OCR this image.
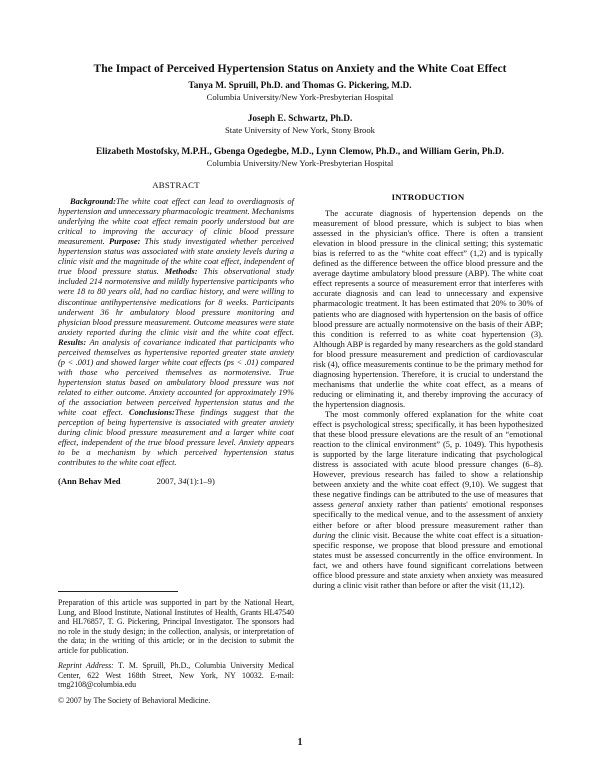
The Impact of Perceived Hypertension Status on Anxiety and the White Coat Effect
Tanya M. Spruill, Ph.D. and Thomas G. Pickering, M.D.
Columbia University/New York-Presbyterian Hospital
Joseph E. Schwartz, Ph.D.
State University of New York, Stony Brook
Elizabeth Mostofsky, M.P.H., Gbenga Ogedegbe, M.D., Lynn Clemow, Ph.D., and William Gerin, Ph.D.
Columbia University/New York-Presbyterian Hospital
ABSTRACT

Background:The white coat effect can lead to overdiagnosis of hypertension and unnecessary pharmacologic treatment. Mechanisms underlying the white coat effect remain poorly understood but are critical to improving the accuracy of clinic blood pressure measurement. Purpose: This study investigated whether perceived hypertension status was associated with state anxiety levels during a clinic visit and the magnitude of the white coat effect, independent of true blood pressure status. Methods: This observational study included 214 normotensive and mildly hypertensive participants who were 18 to 80 years old, had no cardiac history, and were willing to discontinue antihypertensive medications for 8 weeks. Participants underwent 36 hr ambulatory blood pressure monitoring and physician blood pressure measurement. Outcome measures were state anxiety reported during the clinic visit and the white coat effect. Results: An analysis of covariance indicated that participants who perceived themselves as hypertensive reported greater state anxiety (p < .001) and showed larger white coat effects (ps < .01) compared with those who perceived themselves as normotensive. True hypertension status based on ambulatory blood pressure was not related to either outcome. Anxiety accounted for approximately 19% of the association between perceived hypertension status and the white coat effect. Conclusions:These findings suggest that the perception of being hypertensive is associated with greater anxiety during clinic blood pressure measurement and a larger white coat effect, independent of the true blood pressure level. Anxiety appears to be a mechanism by which perceived hypertension status contributes to the white coat effect.

(Ann Behav Med	2007, 34(1):1–9)

Preparation of this article was supported in part by the National Heart, Lung, and Blood Institute, National Institutes of Health, Grants HL47540 and HL76857, T. G. Pickering, Principal Investigator. The sponsors had no role in the study design; in the collection, analysis, or interpretation of the data; in the writing of this article; or in the decision to submit the article for publication.

Reprint Address: T. M. Spruill, Ph.D., Columbia University Medical Center, 622 West 168th Street, New York, NY 10032. E-mail: tmg2108@columbia.edu

© 2007 by The Society of Behavioral Medicine.

INTRODUCTION

The accurate diagnosis of hypertension depends on the measurement of blood pressure, which is subject to bias when assessed in the physician's office. There is often a transient elevation in blood pressure in the clinical setting; this systematic bias is referred to as the “white coat effect” (1,2) and is typically defined as the difference between the office blood pressure and the average daytime ambulatory blood pressure (ABP). The white coat effect represents a source of measurement error that interferes with accurate diagnosis and can lead to unnecessary and expensive pharmacologic treatment. It has been estimated that 20% to 30% of patients who are diagnosed with hypertension on the basis of office blood pressure are actually normotensive on the basis of their ABP; this condition is referred to as white coat hypertension (3). Although ABP is regarded by many researchers as the gold standard for blood pressure measurement and prediction of cardiovascular risk (4), office measurements continue to be the primary method for diagnosing hypertension. Therefore, it is crucial to understand the mechanisms that underlie the white coat effect, as a means of reducing or eliminating it, and thereby improving the accuracy of the hypertension diagnosis.

The most commonly offered explanation for the white coat effect is psychological stress; specifically, it has been hypothesized that these blood pressure elevations are the result of an “emotional reaction to the clinical environment” (5, p. 1049). This hypothesis is supported by the large literature indicating that psychological distress is associated with acute blood pressure changes (6–8). However, previous research has failed to show a relationship between anxiety and the white coat effect (9,10). We suggest that these negative findings can be attributed to the use of measures that assess general anxiety rather than patients' emotional responses specifically to the medical venue, and to the assessment of anxiety either before or after blood pressure measurement rather than during the clinic visit. Because the white coat effect is a situation-specific response, we propose that blood pressure and emotional states must be assessed concurrently in the office environment. In fact, we and others have found significant correlations between office blood pressure and state anxiety when anxiety was measured during a clinic visit rather than before or after the visit (11,12).

1
